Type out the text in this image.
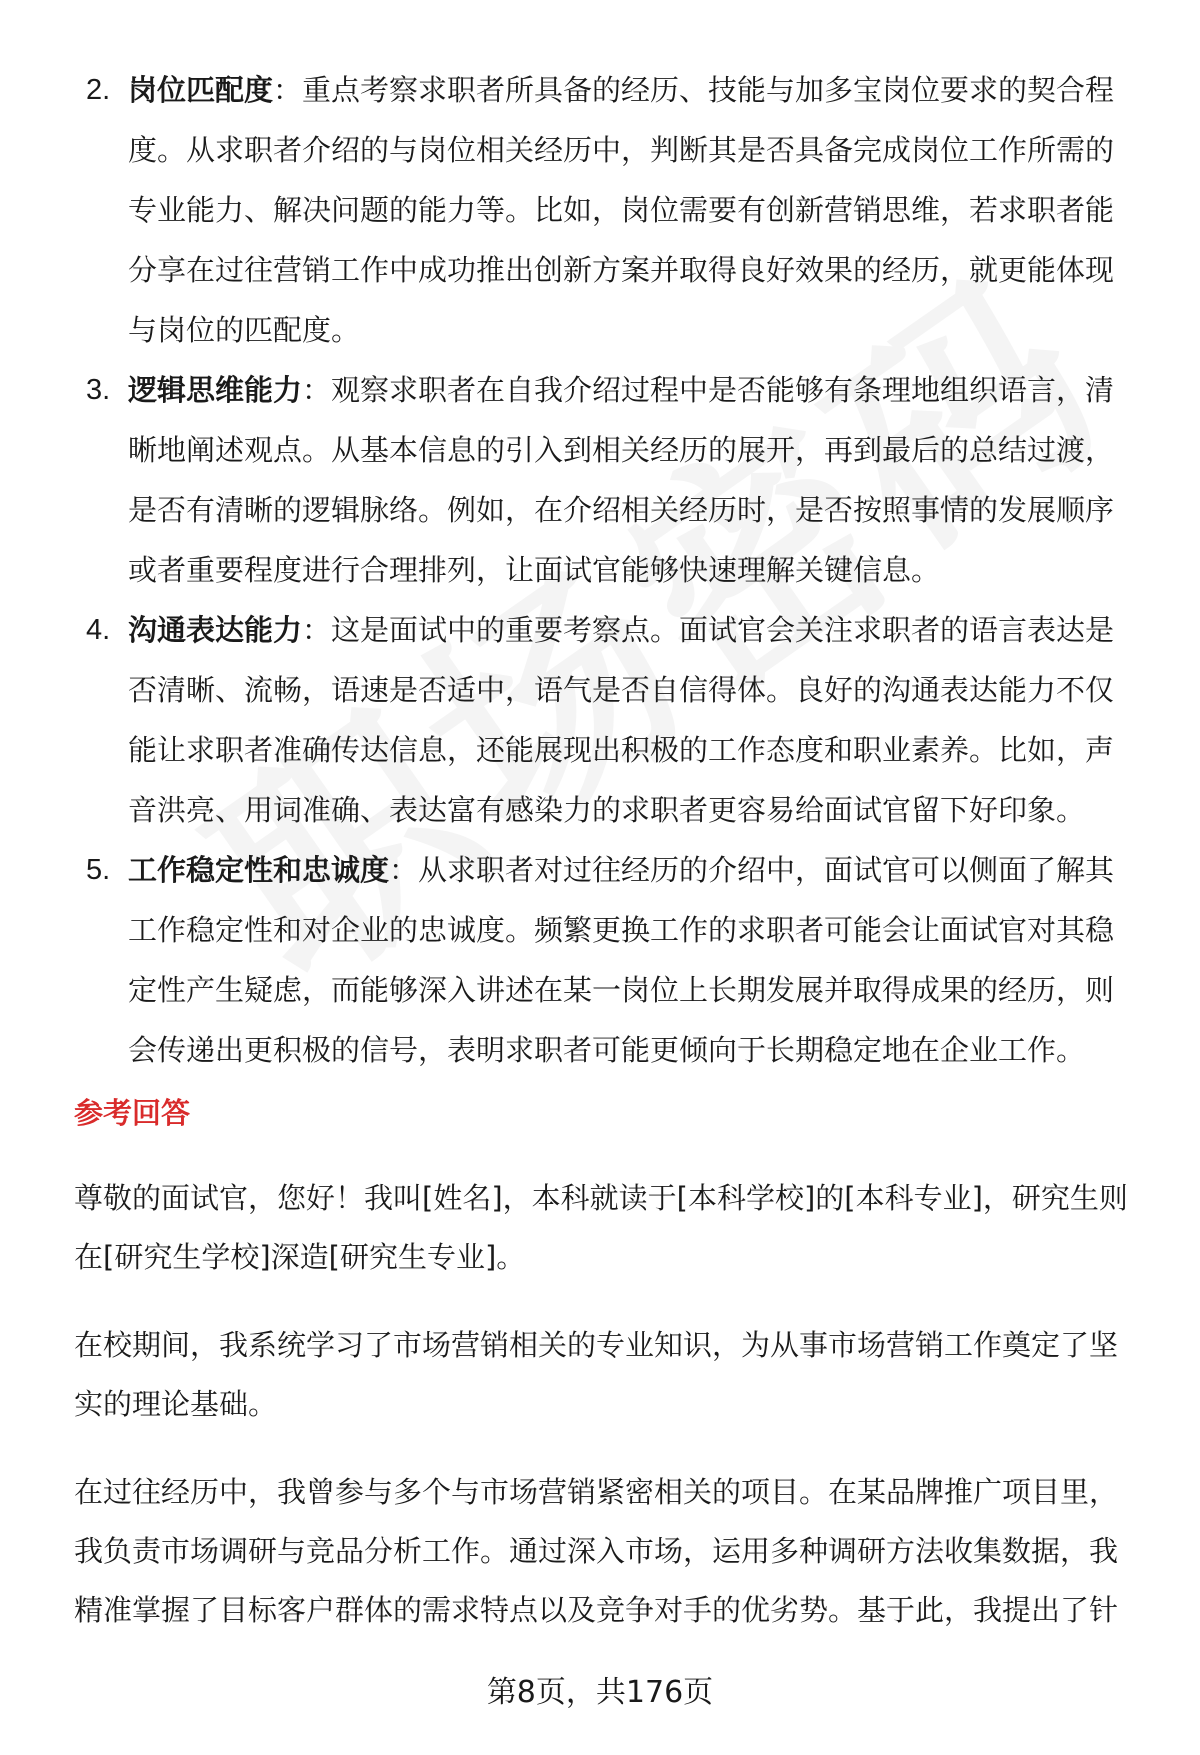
2. 岗位匹配度：重点考察求职者所具备的经历、技能与加多宝岗位要求的契合程度。从求职者介绍的与岗位相关经历中，判断其是否具备完成岗位工作所需的专业能力、解决问题的能力等。比如，岗位需要有创新营销思维，若求职者能分享在过往营销工作中成功推出创新方案并取得良好效果的经历，就更能体现与岗位的匹配度。
3. 逻辑思维能力：观察求职者在自我介绍过程中是否能够有条理地组织语言，清晰地阐述观点。从基本信息的引入到相关经历的展开，再到最后的总结过渡，是否有清晰的逻辑脉络。例如，在介绍相关经历时，是否按照事情的发展顺序或者重要程度进行合理排列，让面试官能够快速理解关键信息。
4. 沟通表达能力：这是面试中的重要考察点。面试官会关注求职者的语言表达是否清晰、流畅，语速是否适中，语气是否自信得体。良好的沟通表达能力不仅能让求职者准确传达信息，还能展现出积极的工作态度和职业素养。比如，声音洪亮、用词准确、表达富有感染力的求职者更容易给面试官留下好印象。
5. 工作稳定性和忠诚度：从求职者对过往经历的介绍中，面试官可以侧面了解其工作稳定性和对企业的忠诚度。频繁更换工作的求职者可能会让面试官对其稳定性产生疑虑，而能够深入讲述在某一岗位上长期发展并取得成果的经历，则会传递出更积极的信号，表明求职者可能更倾向于长期稳定地在企业工作。
参考回答
尊敬的面试官，您好！我叫[姓名]，本科就读于[本科学校]的[本科专业]，研究生则在[研究生学校]深造[研究生专业]。
在校期间，我系统学习了市场营销相关的专业知识，为从事市场营销工作奠定了坚实的理论基础。
在过往经历中，我曾参与多个与市场营销紧密相关的项目。在某品牌推广项目里，我负责市场调研与竞品分析工作。通过深入市场，运用多种调研方法收集数据，我精准掌握了目标客户群体的需求特点以及竞争对手的优劣势。基于此，我提出了针
第8页，共176页
